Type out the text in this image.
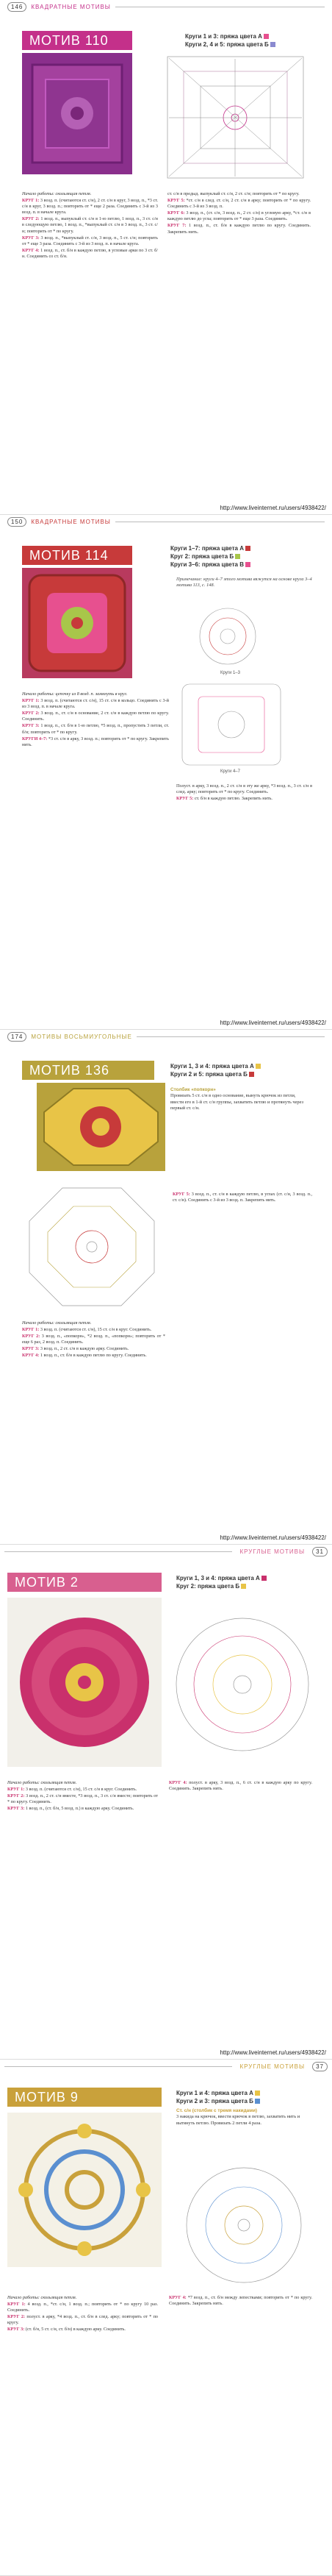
146	КВАДРАТНЫЕ МОТИВЫ
МОТИВ 110	Круги 1 и 3: пряжа цвета А
Круги 2, 4 и 5: пряжа цвета Б

Начало работы: скользящая петля.

КРУГ 1: 3 возд. п. (считаются ст. с/н), 2 ст. с/н в круг, 3 возд. п., *3 ст. с/н в круг, 3 возд. п.; повторить от * еще 2 раза. Соединить с 3-й из 3 возд. п. в начале круга.

КРУГ 2: 1 возд. п., выпуклый ст. с/н в 1-ю петлю, 1 возд. п., 3 ст. с/н в следующую петлю, 1 возд. п., *выпуклый ст. с/н в 3 возд. п., 3 ст. с/н; повторить от * по кругу.

КРУГ 3: 3 возд. п., *выпуклый ст. с/н, 3 возд. п., 5 ст. с/н; повторить от * еще 3 раза. Соединить с 3-й из 3 возд. п. в начале круга.

КРУГ 4: 1 возд. п., ст. б/н в каждую петлю, в угловые арки по 3 ст. б/н. Соединить со ст. б/н.

ст. с/н в предыд. выпуклый ст. с/н, 2 ст. с/н; повторить от * по кругу.

КРУГ 5: *ст. с/н в след. ст. с/н, 2 ст. с/н в арку; повторить от * по кругу. Соединить с 3-й из 3 возд. п.

КРУГ 6: 3 возд. п., (ст. с/н, 3 возд. п., 2 ст. с/н) в угловую арку, *ст. с/н в каждую петлю до угла; повторить от * еще 3 раза. Соединить.

КРУГ 7: 1 возд. п., ст. б/н в каждую петлю по кругу. Соединить. Закрепить нить.

http://www.liveinternet.ru/users/4938422/
150	КВАДРАТНЫЕ МОТИВЫ
МОТИВ 114	Круги 1–7: пряжа цвета А
Круг 2: пряжа цвета Б
Круги 3–6: пряжа цвета В
Примечание: круги 4–7 этого мотива вяжутся на основе круга 3–4 мотива 113, с. 148.
Круги 1–3
Круги 4–7

Начало работы: цепочку из 8 возд. п. замкнуть в круг.

КРУГ 1: 3 возд. п. (считаются ст. с/н), 15 ст. с/н в кольцо. Соединить с 3-й из 3 возд. п. в начале круга.

КРУГ 2: 3 возд. п., ст. с/н в основание, 2 ст. с/н в каждую петлю по кругу. Соединить.

КРУГ 3: 1 возд. п., ст. б/н в 1-ю петлю, *5 возд. п., пропустить 3 петли, ст. б/н; повторить от * по кругу.

КРУГИ 4–7: *3 ст. с/н в арку, 3 возд. п.; повторить от * по кругу. Закрепить нить.

Полуст. в арку, 3 возд. п., 2 ст. с/н в эту же арку, *3 возд. п., 3 ст. с/н в след. арку; повторить от * по кругу. Соединить.

КРУГ 5: ст. б/н в каждую петлю. Закрепить нить.

http://www.liveinternet.ru/users/4938422/
174	МОТИВЫ ВОСЬМИУГОЛЬНЫЕ
МОТИВ 136	Круги 1, 3 и 4: пряжа цвета А
Круги 2 и 5: пряжа цвета Б
Столбик «попкорн»
Провязать 5 ст. с/н в одно основание, вынуть крючок из петли, ввести его в 1-й ст. с/н группы, захватить петлю и протянуть через первый ст. с/н.

Начало работы: скользящая петля.

КРУГ 1: 3 возд. п. (считаются ст. с/н), 15 ст. с/н в круг. Соединить.

КРУГ 2: 3 возд. п., «попкорн», *2 возд. п., «попкорн»; повторить от * еще 6 раз, 2 возд. п. Соединить.

КРУГ 3: 3 возд. п., 2 ст. с/н в каждую арку. Соединить.

КРУГ 4: 1 возд. п., ст. б/н в каждую петлю по кругу. Соединить.

КРУГ 5: 3 возд. п., ст. с/н в каждую петлю, в углах (ст. с/н, 3 возд. п., ст. с/н). Соединить с 3-й из 3 возд. п. Закрепить нить.

http://www.liveinternet.ru/users/4938422/
КРУГЛЫЕ МОТИВЫ	31
МОТИВ 2	Круги 1, 3 и 4: пряжа цвета А
Круг 2: пряжа цвета Б

Начало работы: скользящая петля.

КРУГ 1: 3 возд. п. (считаются ст. с/н), 15 ст. с/н в круг. Соединить.

КРУГ 2: 3 возд. п., 2 ст. с/н вместе, *3 возд. п., 3 ст. с/н вместе; повторить от * по кругу. Соединить.

КРУГ 3: 1 возд. п., (ст. б/н, 5 возд. п.) в каждую арку. Соединить.

КРУГ 4: полуст. в арку, 3 возд. п., 6 ст. с/н в каждую арку по кругу. Соединить. Закрепить нить.

http://www.liveinternet.ru/users/4938422/
КРУГЛЫЕ МОТИВЫ	37
МОТИВ 9	Круги 1 и 4: пряжа цвета А
Круги 2 и 3: пряжа цвета Б
Ст. с/н (столбик с тремя накидами)
3 накида на крючок, ввести крючок в петлю, захватить нить и вытянуть петлю. Провязать 2 петли 4 раза.

Начало работы: скользящая петля.

КРУГ 1: 4 возд. п., *ст. с/н, 1 возд. п.; повторить от * по кругу 10 раз. Соединить.

КРУГ 2: полуст. в арку, *4 возд. п., ст. б/н в след. арку; повторить от * по кругу.

КРУГ 3: (ст. б/н, 5 ст. с/н, ст. б/н) в каждую арку. Соединить.

КРУГ 4: *7 возд. п., ст. б/н между лепестками; повторить от * по кругу. Соединить. Закрепить нить.
